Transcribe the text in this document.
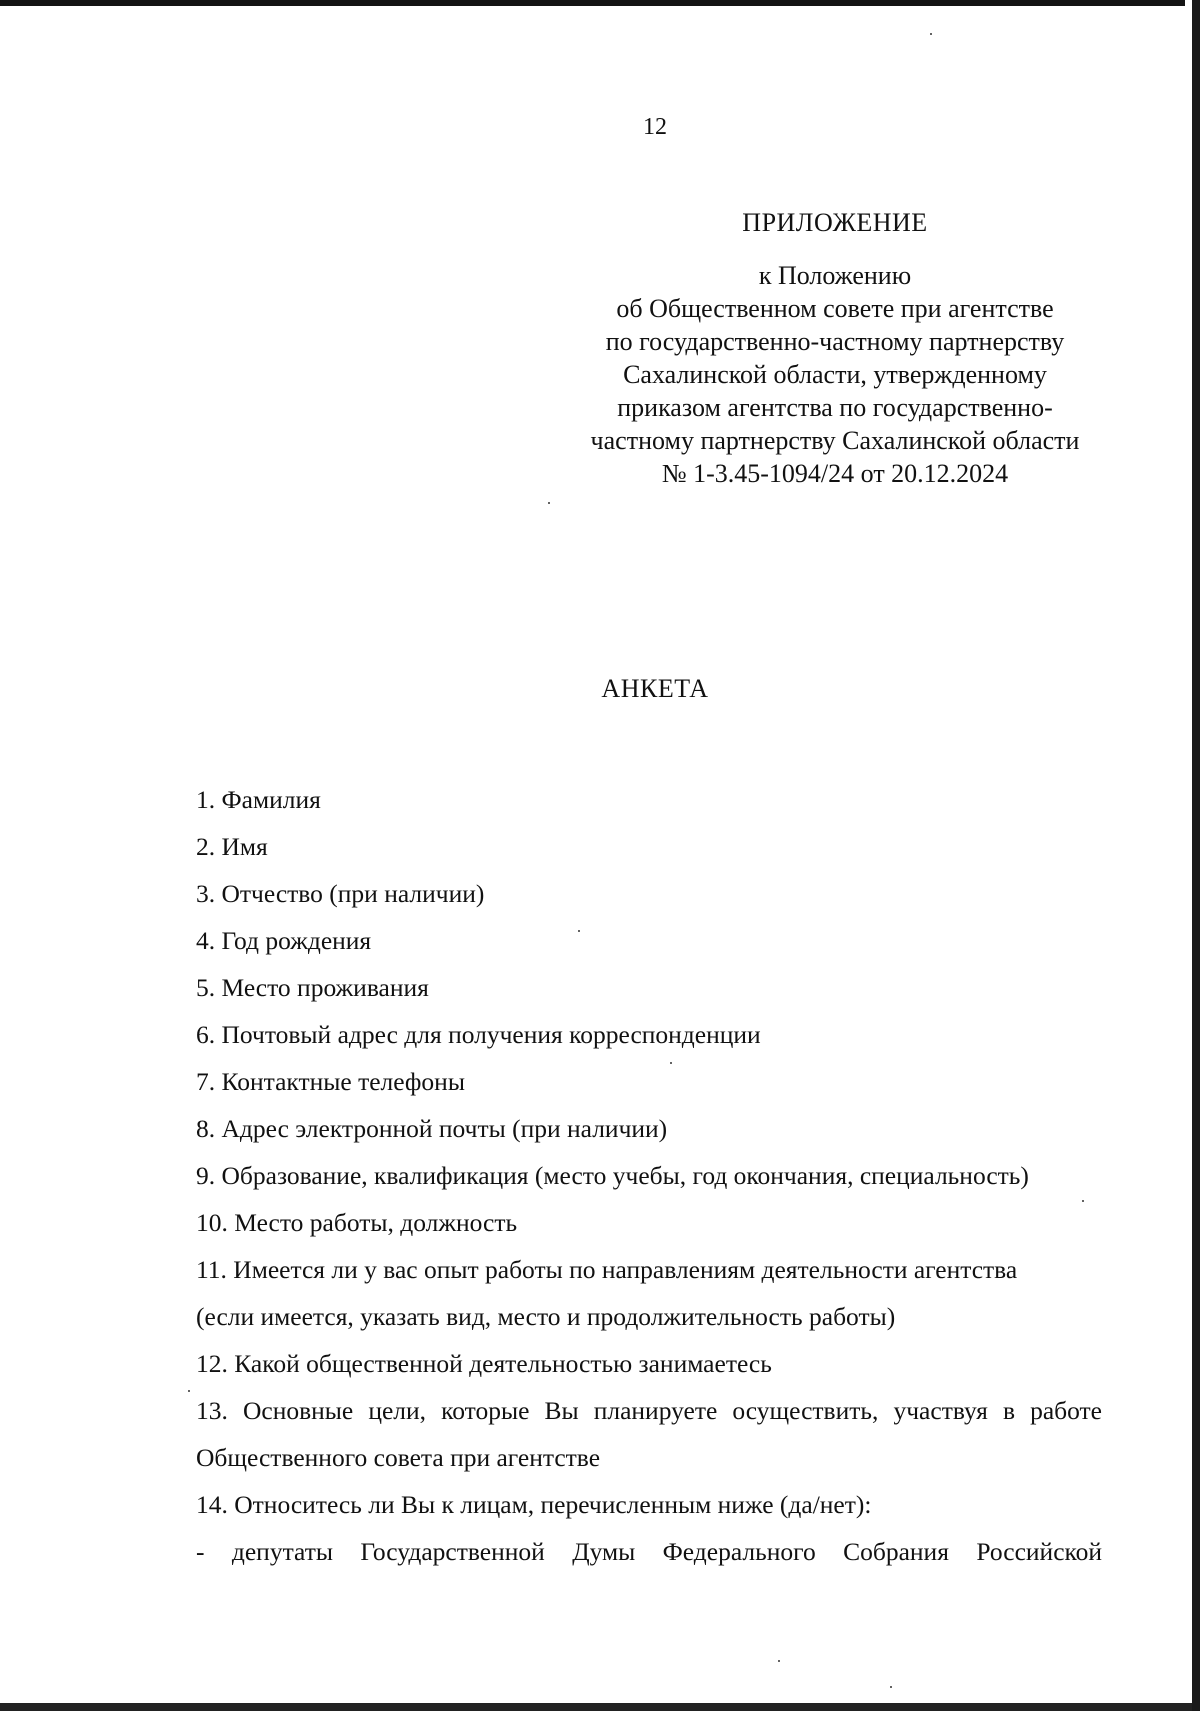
12
ПРИЛОЖЕНИЕ
к Положению
об Общественном совете при агентстве
по государственно-частному партнерству
Сахалинской области, утвержденному
приказом агентства по государственно-
частному партнерству Сахалинской области
№ 1-3.45-1094/24 от 20.12.2024
АНКЕТА
1. Фамилия
2. Имя
3. Отчество (при наличии)
4. Год рождения
5. Место проживания
6. Почтовый адрес для получения корреспонденции
7. Контактные телефоны
8. Адрес электронной почты (при наличии)
9. Образование, квалификация (место учебы, год окончания, специальность)
10. Место работы, должность
11. Имеется ли у вас опыт работы по направлениям деятельности агентства
(если имеется, указать вид, место и продолжительность работы)
12. Какой общественной деятельностью занимаетесь
13. Основные цели, которые Вы планируете осуществить, участвуя в работе
Общественного совета при агентстве
14. Относитесь ли Вы к лицам, перечисленным ниже (да/нет):
- депутаты Государственной Думы Федерального Собрания Российской
